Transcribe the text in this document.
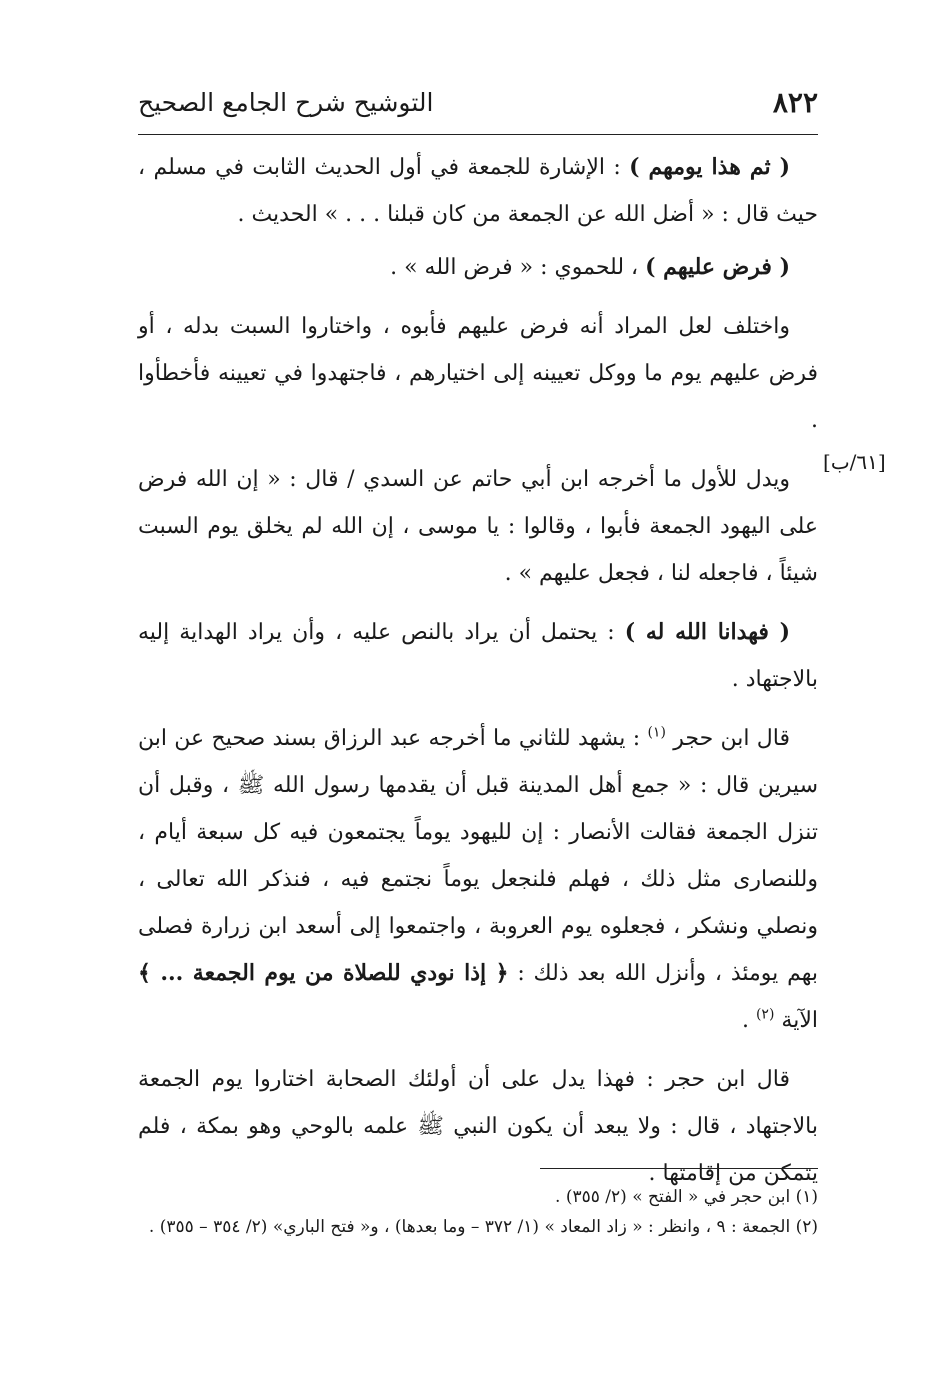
٨٢٢
التوشيح شرح الجامع الصحيح
[٦١/ب]

( ثم هذا يومهم ) : الإشارة للجمعة في أول الحديث الثابت في مسلم ، حيث قال : « أضل الله عن الجمعة من كان قبلنا . . . » الحديث .

( فرض عليهم ) ، للحموي : « فرض الله » .

واختلف لعل المراد أنه فرض عليهم فأبوه ، واختاروا السبت بدله ، أو فرض عليهم يوم ما ووكل تعيينه إلى اختيارهم ، فاجتهدوا في تعيينه فأخطأوا .

ويدل للأول ما أخرجه ابن أبي حاتم عن السدي / قال : « إن الله فرض على اليهود الجمعة فأبوا ، وقالوا : يا موسى ، إن الله لم يخلق يوم السبت شيئاً ، فاجعله لنا ، فجعل عليهم » .

( فهدانا الله له ) : يحتمل أن يراد بالنص عليه ، وأن يراد الهداية إليه بالاجتهاد .

قال ابن حجر $^{(١)}$ : يشهد للثاني ما أخرجه عبد الرزاق بسند صحيح عن ابن سيرين قال : « جمع أهل المدينة قبل أن يقدمها رسول الله ﷺ ، وقبل أن تنزل الجمعة فقالت الأنصار : إن لليهود يوماً يجتمعون فيه كل سبعة أيام ، وللنصارى مثل ذلك ، فهلم فلنجعل يوماً نجتمع فيه ، فنذكر الله تعالى ، ونصلي ونشكر ، فجعلوه يوم العروبة ، واجتمعوا إلى أسعد ابن زرارة فصلى بهم يومئذ ، وأنزل الله بعد ذلك : ﴿ إذا نودي للصلاة من يوم الجمعة ... ﴾ الآية $^{(٢)}$ .

قال ابن حجر : فهذا يدل على أن أولئك الصحابة اختاروا يوم الجمعة بالاجتهاد ، قال : ولا يبعد أن يكون النبي ﷺ علمه بالوحي وهو بمكة ، فلم يتمكن من إقامتها .

(١) ابن حجر في « الفتح » (٢/ ٣٥٥) .

(٢) الجمعة : ٩ ، وانظر : « زاد المعاد » (١/ ٣٧٢ – وما بعدها) ، و« فتح الباري» (٢/ ٣٥٤ – ٣٥٥) .
